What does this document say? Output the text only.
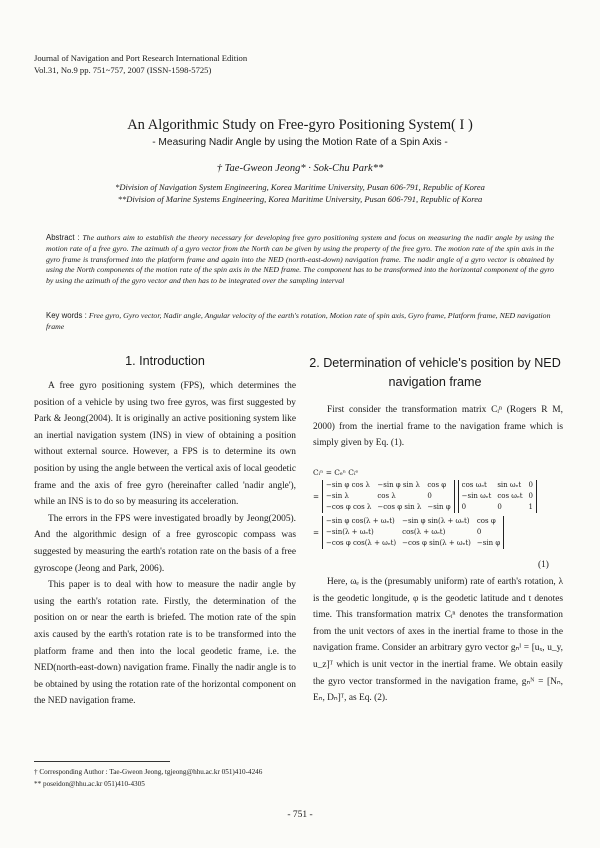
Journal of Navigation and Port Research International Edition
Vol.31, No.9 pp. 751~757, 2007 (ISSN-1598-5725)
An Algorithmic Study on Free-gyro Positioning System( I )
- Measuring Nadir Angle by using the Motion Rate of a Spin Axis -
† Tae-Gweon Jeong* · Sok-Chu Park**
*Division of Navigation System Engineering, Korea Maritime University, Pusan 606-791, Republic of Korea
**Division of Marine Systems Engineering, Korea Maritime University, Pusan 606-791, Republic of Korea
Abstract : The authors aim to establish the theory necessary for developing free gyro positioning system and focus on measuring the nadir angle by using the motion rate of a free gyro. The azimuth of a gyro vector from the North can be given by using the property of the free gyro. The motion rate of the spin axis in the gyro frame is transformed into the platform frame and again into the NED (north-east-down) navigation frame. The nadir angle of a gyro vector is obtained by using the North components of the motion rate of the spin axis in the NED frame. The component has to be transformed into the horizontal component of the gyro by using the azimuth of the gyro vector and then has to be integrated over the sampling interval
Key words : Free gyro, Gyro vector, Nadir angle, Angular velocity of the earth's rotation, Motion rate of spin axis, Gyro frame, Platform frame, NED navigation frame
1. Introduction

A free gyro positioning system (FPS), which determines the position of a vehicle by using two free gyros, was first suggested by Park & Jeong(2004). It is originally an active positioning system like an inertial navigation system (INS) in view of obtaining a position without external source. However, a FPS is to determine its own position by using the angle between the vertical axis of local geodetic frame and the axis of free gyro (hereinafter called 'nadir angle'), while an INS is to do so by measuring its acceleration.

The errors in the FPS were investigated broadly by Jeong(2005). And the algorithmic design of a free gyroscopic compass was suggested by measuring the earth's rotation rate on the basis of a free gyroscope (Jeong and Park, 2006).

This paper is to deal with how to measure the nadir angle by using the earth's rotation rate. Firstly, the determination of the position on or near the earth is briefed. The motion rate of the spin axis caused by the earth's rotation rate is to be transformed into the platform frame and then into the local geodetic frame, i.e. the NED(north-east-down) navigation frame. Finally the nadir angle is to be obtained by using the rotation rate of the horizontal component on the NED navigation frame.

2. Determination of vehicle's position by NED
navigation frame

First consider the transformation matrix Cᵢⁿ (Rogers R M, 2000) from the inertial frame to the navigation frame which is simply given by Eq. (1).

Cᵢⁿ = Cₑⁿ Cᵢᵉ
=
−sin φ cos λ	−sin φ sin λ	cos φ
−sin λ	cos λ	0
−cos φ cos λ	−cos φ sin λ	−sin φ
cos ωₑt	sin ωₑt	0
−sin ωₑt	cos ωₑt	0
0	0	1
=
−sin φ cos(λ + ωₑt)	−sin φ sin(λ + ωₑt)	cos φ
−sin(λ + ωₑt)	cos(λ + ωₑt)	0
−cos φ cos(λ + ωₑt)	−cos φ sin(λ + ωₑt)	−sin φ
(1)

Here, ωₑ is the (presumably uniform) rate of earth's rotation, λ is the geodetic longitude, φ is the geodetic latitude and t denotes time. This transformation matrix Cᵢⁿ denotes the transformation from the unit vectors of axes in the inertial frame to those in the navigation frame. Consider an arbitrary gyro vector gₙᴵ = [uₓ, u_y, u_z]ᵀ which is unit vector in the inertial frame. We obtain easily the gyro vector transformed in the navigation frame, gₙᴺ = [Nₙ, Eₙ, Dₙ]ᵀ, as Eq. (2).

† Corresponding Author : Tae-Gweon Jeong, tgjeong@hhu.ac.kr 051)410-4246
** poseidon@hhu.ac.kr 051)410-4305
- 751 -
